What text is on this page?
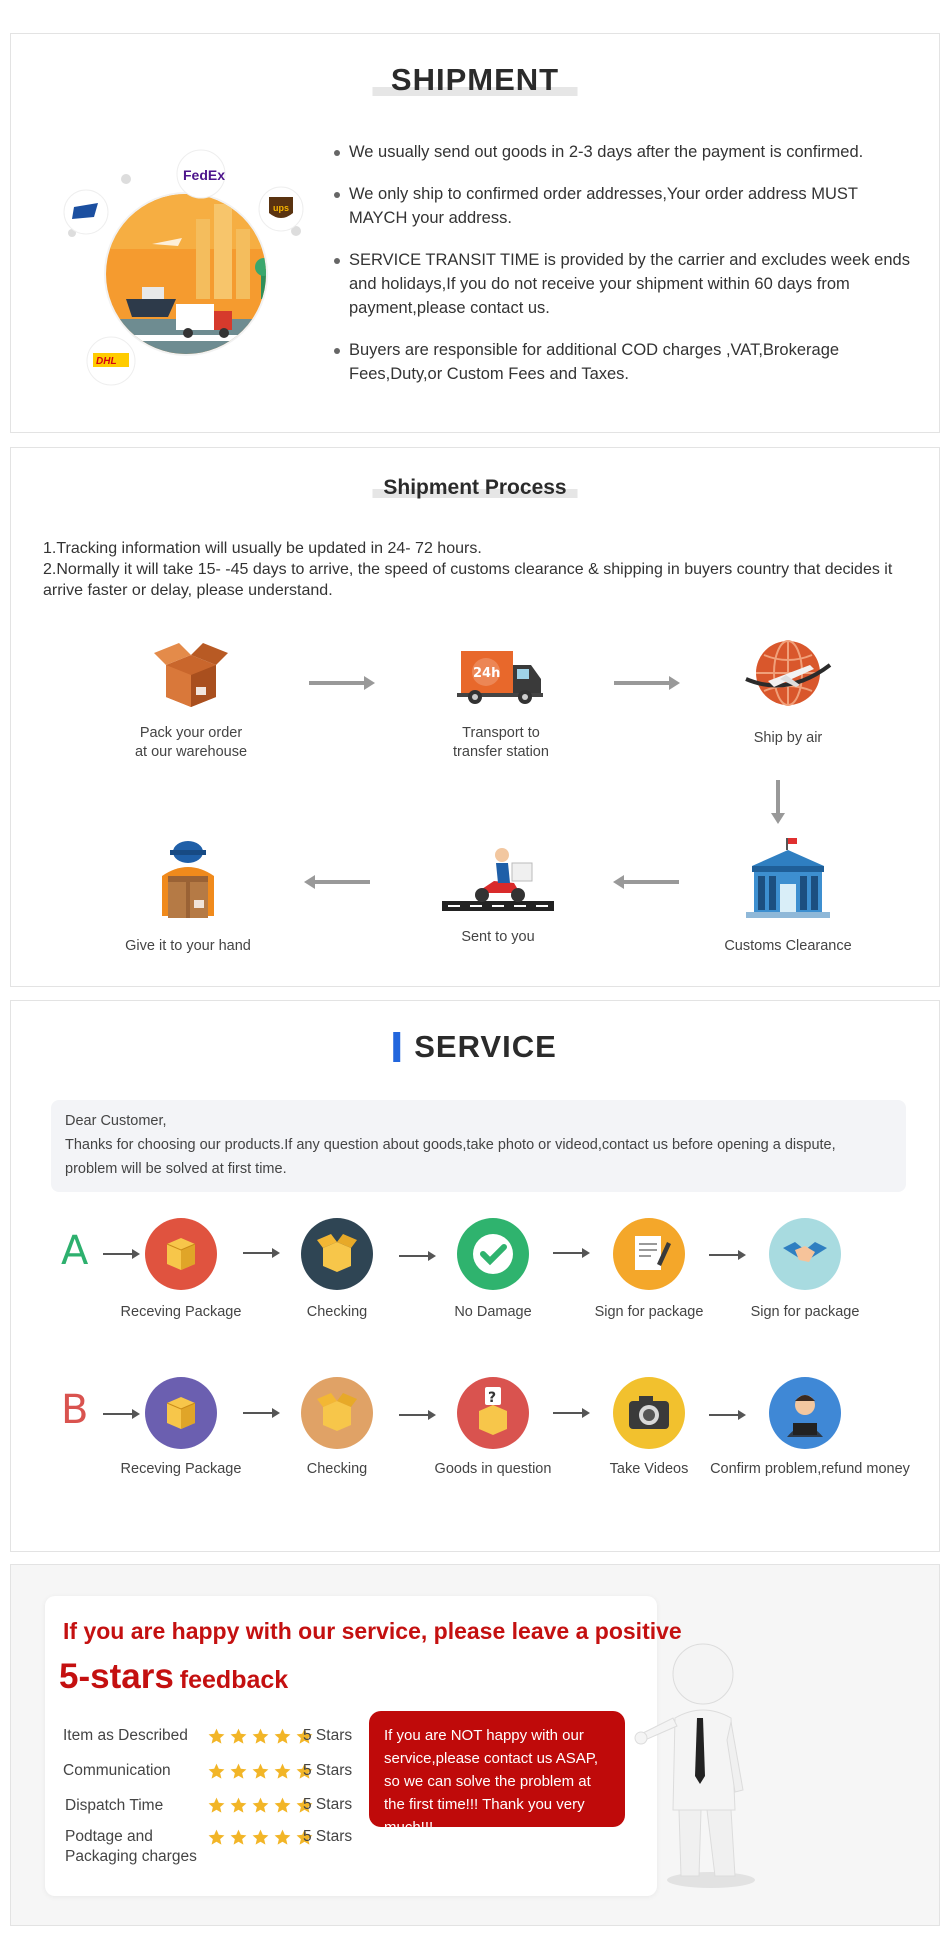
SHIPMENT
FedEx
ups
DHL
We usually send out goods in 2-3 days after the payment is confirmed.
We only ship to confirmed order addresses,Your order address MUST MAYCH your address.
SERVICE TRANSIT TIME is provided by the carrier and excludes week ends and holidays,If you do not receive your shipment within 60 days from payment,please contact us.
Buyers are responsible for additional COD charges ,VAT,Brokerage Fees,Duty,or Custom Fees and Taxes.
Shipment Process
1.Tracking information will usually be updated in 24- 72 hours.
2.Normally it will take 15- -45 days to arrive, the speed of customs clearance & shipping in buyers country that decides it arrive faster or delay, please understand.
Pack your order
at our warehouse
24h
Transport to
transfer station
Ship by air
Give it to your hand
Sent to you
Customs Clearance
SERVICE
Dear Customer,
Thanks for choosing our products.If any question about goods,take photo or videod,contact us before opening a dispute, problem will be solved at first time.
A
Receving Package	Checking	No Damage	Sign for package	Sign for package
B
Receving Package	Checking
?
Goods in question	Take Videos	Confirm problem,refund money
If you are happy with our service, please leave a positive
5-stars feedback
Item as Described	5 Stars
Communication	5 Stars
Dispatch Time	5 Stars
Podtage and
Packaging charges
5 Stars
If you are NOT happy with our service,please contact us ASAP, so we can solve the problem at the first time!!! Thank you very much!!!
